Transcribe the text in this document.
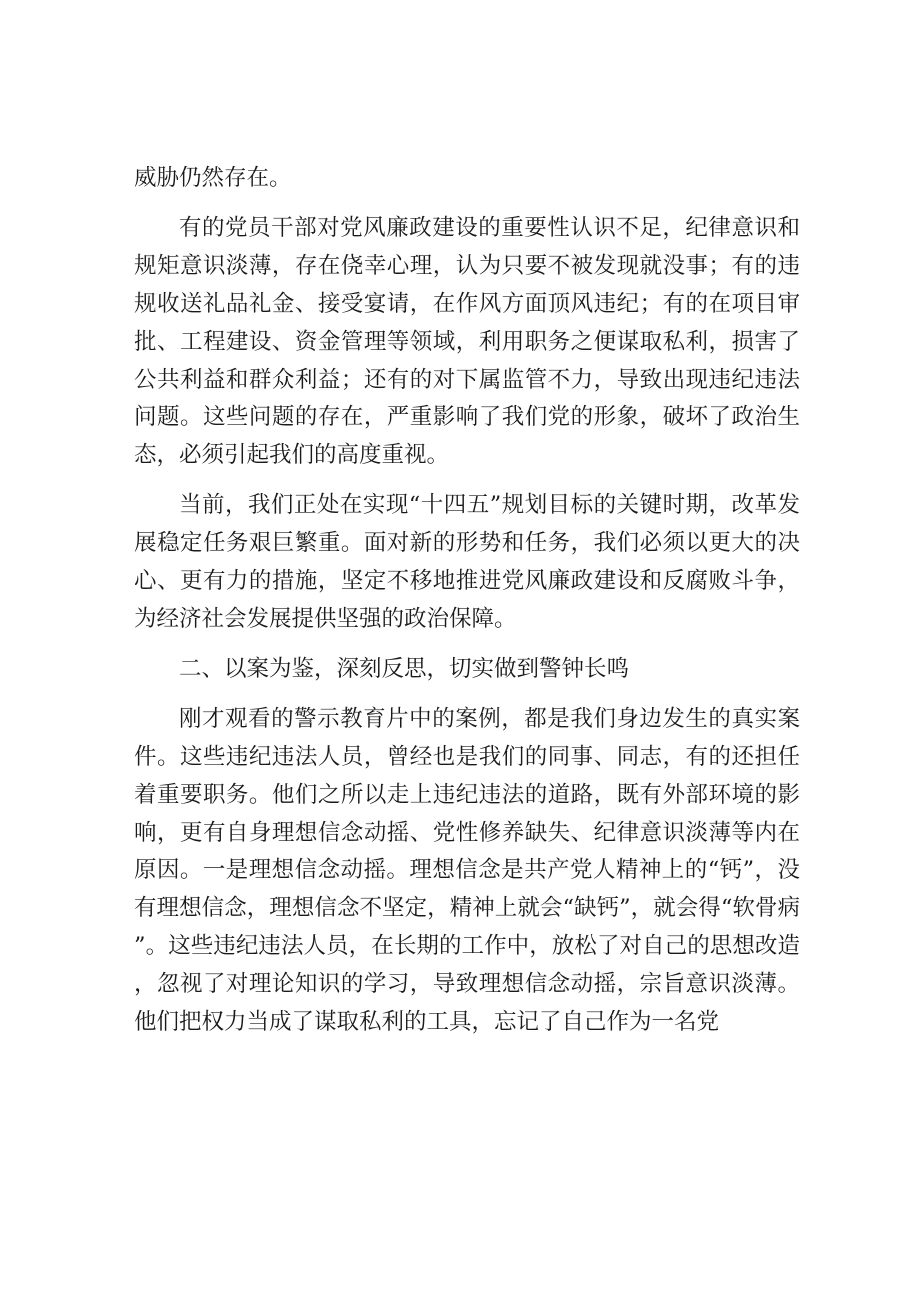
威胁仍然存在。

有的党员干部对党风廉政建设的重要性认识不足，纪律意识和规矩意识淡薄，存在侥幸心理，认为只要不被发现就没事；有的违规收送礼品礼金、接受宴请，在作风方面顶风违纪；有的在项目审批、工程建设、资金管理等领域，利用职务之便谋取私利，损害了公共利益和群众利益；还有的对下属监管不力，导致出现违纪违法问题。这些问题的存在，严重影响了我们党的形象，破坏了政治生态，必须引起我们的高度重视。

当前，我们正处在实现“十四五”规划目标的关键时期，改革发展稳定任务艰巨繁重。面对新的形势和任务，我们必须以更大的决心、更有力的措施，坚定不移地推进党风廉政建设和反腐败斗争，为经济社会发展提供坚强的政治保障。

二、以案为鉴，深刻反思，切实做到警钟长鸣

刚才观看的警示教育片中的案例，都是我们身边发生的真实案件。这些违纪违法人员，曾经也是我们的同事、同志，有的还担任着重要职务。他们之所以走上违纪违法的道路，既有外部环境的影响，更有自身理想信念动摇、党性修养缺失、纪律意识淡薄等内在原因。一是理想信念动摇。理想信念是共产党人精神上的“钙”，没有理想信念，理想信念不坚定，精神上就会“缺钙”，就会得“软骨病”。这些违纪违法人员，在长期的工作中，放松了对自己的思想改造，忽视了对理论知识的学习，导致理想信念动摇，宗旨意识淡薄。他们把权力当成了谋取私利的工具，忘记了自己作为一名党
